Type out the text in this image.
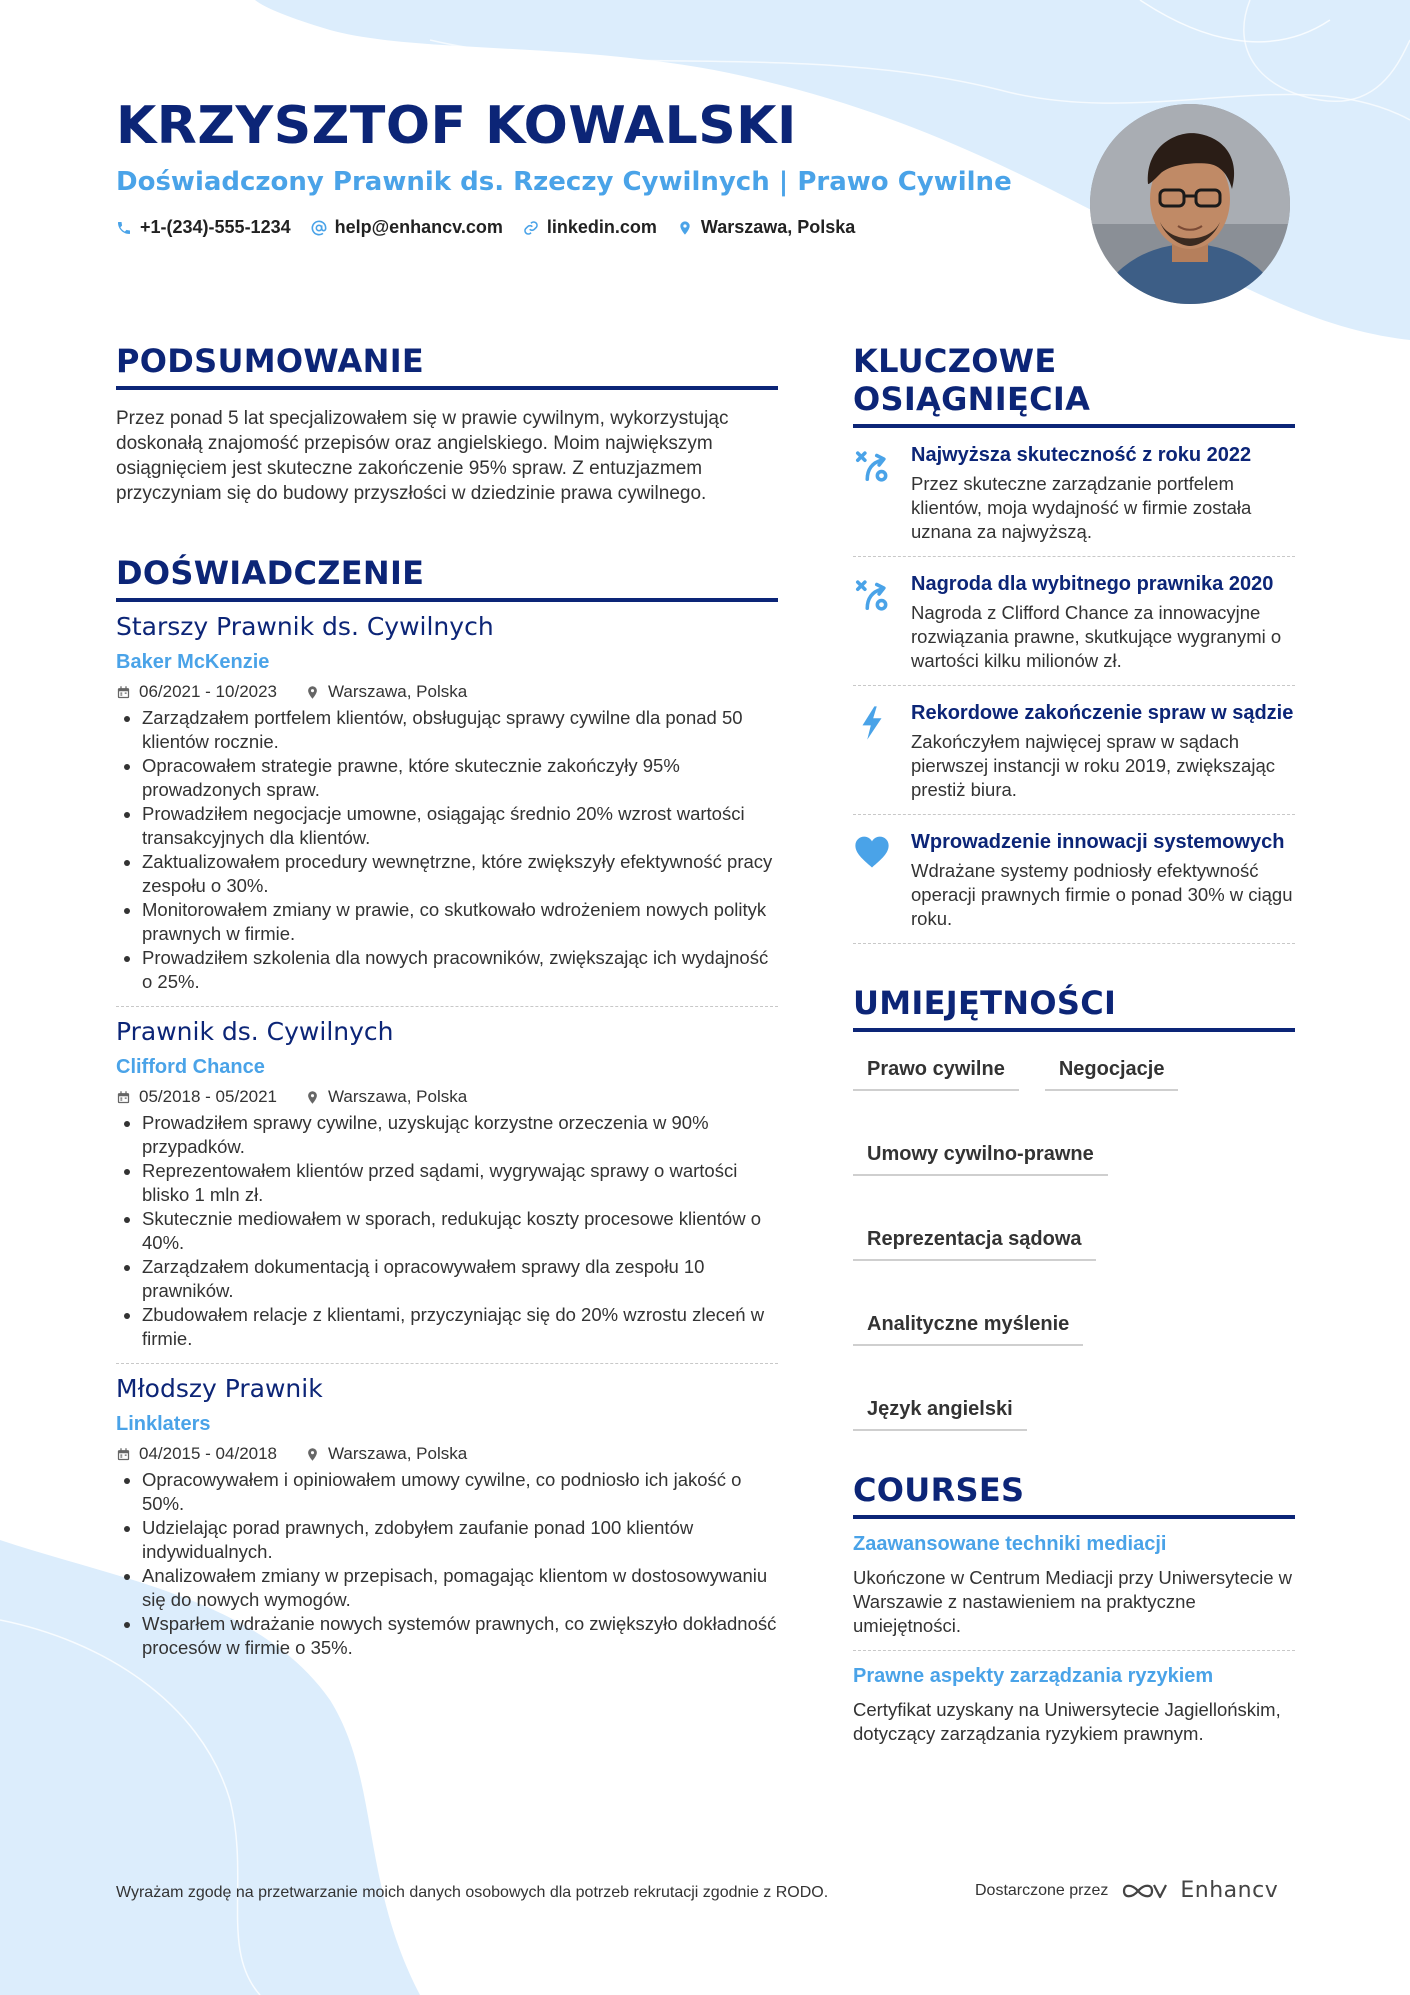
KRZYSZTOF KOWALSKI
Doświadczony Prawnik ds. Rzeczy Cywilnych | Prawo Cywilne
+1-(234)-555-1234 help@enhancv.com linkedin.com Warszawa, Polska
PODSUMOWANIE
Przez ponad 5 lat specjalizowałem się w prawie cywilnym, wykorzystując doskonałą znajomość przepisów oraz angielskiego. Moim największym osiągnięciem jest skuteczne zakończenie 95% spraw. Z entuzjazmem przyczyniam się do budowy przyszłości w dziedzinie prawa cywilnego.
DOŚWIADCZENIE
Starszy Prawnik ds. Cywilnych
Baker McKenzie
06/2021 - 10/2023	Warszawa, Polska
• Zarządzałem portfelem klientów, obsługując sprawy cywilne dla ponad 50 klientów rocznie.
• Opracowałem strategie prawne, które skutecznie zakończyły 95% prowadzonych spraw.
• Prowadziłem negocjacje umowne, osiągając średnio 20% wzrost wartości transakcyjnych dla klientów.
• Zaktualizowałem procedury wewnętrzne, które zwiększyły efektywność pracy zespołu o 30%.
• Monitorowałem zmiany w prawie, co skutkowało wdrożeniem nowych polityk prawnych w firmie.
• Prowadziłem szkolenia dla nowych pracowników, zwiększając ich wydajność o 25%.
Prawnik ds. Cywilnych
Clifford Chance
05/2018 - 05/2021	Warszawa, Polska
• Prowadziłem sprawy cywilne, uzyskując korzystne orzeczenia w 90% przypadków.
• Reprezentowałem klientów przed sądami, wygrywając sprawy o wartości blisko 1 mln zł.
• Skutecznie mediowałem w sporach, redukując koszty procesowe klientów o 40%.
• Zarządzałem dokumentacją i opracowywałem sprawy dla zespołu 10 prawników.
• Zbudowałem relacje z klientami, przyczyniając się do 20% wzrostu zleceń w firmie.
Młodszy Prawnik
Linklaters
04/2015 - 04/2018	Warszawa, Polska
• Opracowywałem i opiniowałem umowy cywilne, co podniosło ich jakość o 50%.
• Udzielając porad prawnych, zdobyłem zaufanie ponad 100 klientów indywidualnych.
• Analizowałem zmiany w przepisach, pomagając klientom w dostosowywaniu się do nowych wymogów.
• Wsparłem wdrażanie nowych systemów prawnych, co zwiększyło dokładność procesów w firmie o 35%.
KLUCZOWE OSIĄGNIĘCIA
Najwyższa skuteczność z roku 2022
Przez skuteczne zarządzanie portfelem klientów, moja wydajność w firmie została uznana za najwyższą.
Nagroda dla wybitnego prawnika 2020
Nagroda z Clifford Chance za innowacyjne rozwiązania prawne, skutkujące wygranymi o wartości kilku milionów zł.
Rekordowe zakończenie spraw w sądzie
Zakończyłem najwięcej spraw w sądach pierwszej instancji w roku 2019, zwiększając prestiż biura.
Wprowadzenie innowacji systemowych
Wdrażane systemy podniosły efektywność operacji prawnych firmie o ponad 30% w ciągu roku.
UMIEJĘTNOŚCI
Prawo cywilne	Negocjacje
Umowy cywilno-prawne
Reprezentacja sądowa
Analityczne myślenie
Język angielski
COURSES
Zaawansowane techniki mediacji
Ukończone w Centrum Mediacji przy Uniwersytecie w Warszawie z nastawieniem na praktyczne umiejętności.
Prawne aspekty zarządzania ryzykiem
Certyfikat uzyskany na Uniwersytecie Jagiellońskim, dotyczący zarządzania ryzykiem prawnym.
Wyrażam zgodę na przetwarzanie moich danych osobowych dla potrzeb rekrutacji zgodnie z RODO.	Dostarczone przez	Enhancv
